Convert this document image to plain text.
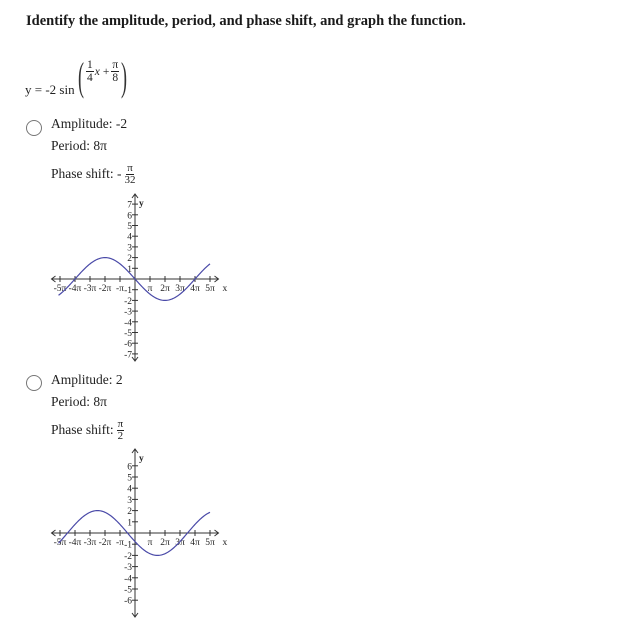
Identify the amplitude, period, and phase shift, and graph the function.
y = -2 sin ( $\frac{1}{4}$ $x + \frac{\pi}{8}$ )
Amplitude: -2
Period: 8π
Phase shift: - $\frac{\pi}{32}$
-5π -4π -3π -2π -π π 2π 3π 4π 5π x
-7
-6
-5
-4
-3
-2
-1
1
2
3
4
5
6
7 y
Amplitude: 2
Period: 8π
Phase shift: $\frac{\pi}{2}$
-5π -4π -3π -2π -π π 2π 3π 4π 5π x
-6
-5
-4
-3
-2
-1
1
2
3
4
5
6
y
